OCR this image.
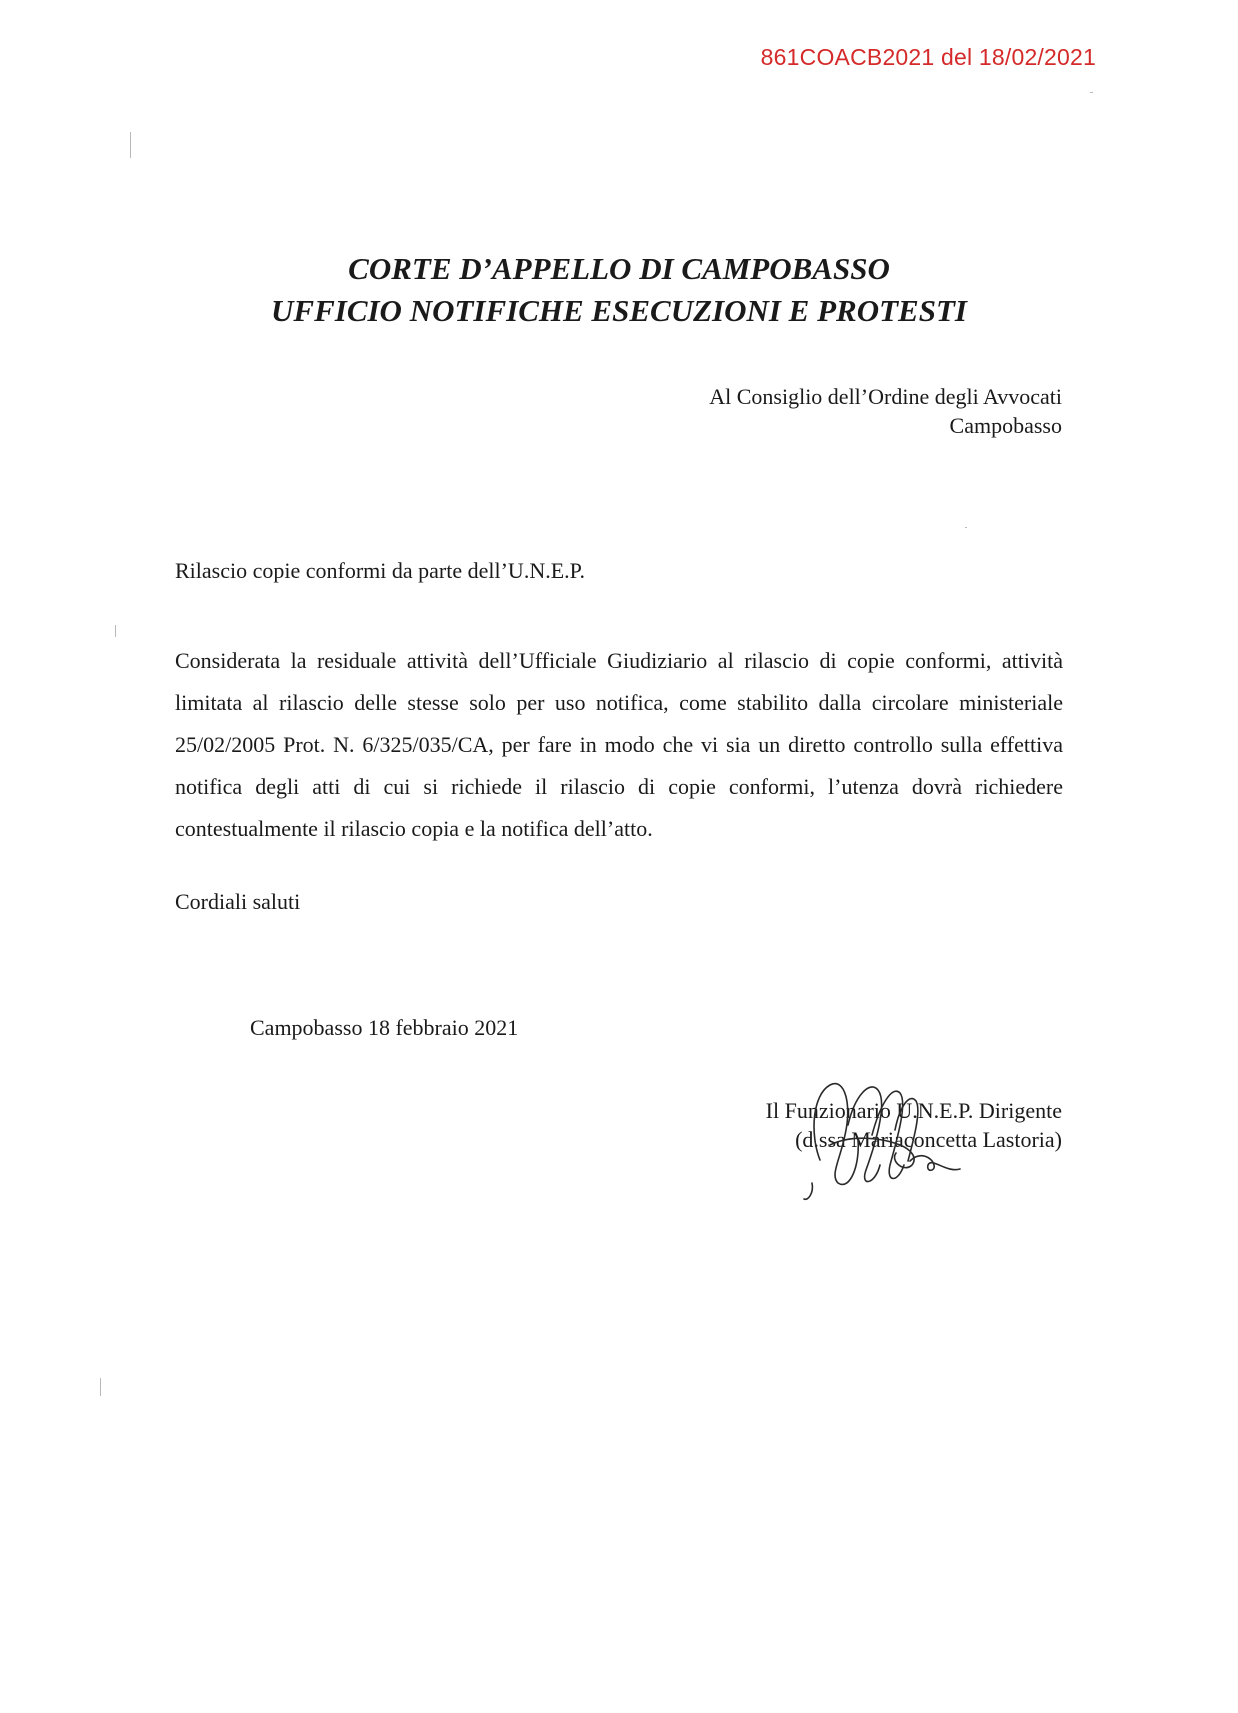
861COACB2021 del 18/02/2021
CORTE D’APPELLO DI CAMPOBASSO
UFFICIO NOTIFICHE ESECUZIONI E PROTESTI
Al Consiglio dell’Ordine degli Avvocati
Campobasso
Rilascio copie conformi da parte dell’U.N.E.P.

Considerata la residuale attività dell’Ufficiale Giudiziario al rilascio di copie conformi, attività limitata al rilascio delle stesse solo per uso notifica, come stabilito dalla circolare ministeriale 25/02/2005 Prot. N. 6/325/035/CA, per fare in modo che vi sia un diretto controllo sulla effettiva notifica degli atti di cui si richiede il rilascio di copie conformi, l’utenza dovrà richiedere contestualmente il rilascio copia e la notifica dell’atto.

Cordiali saluti
Campobasso 18 febbraio 2021
Il Funzionario U.N.E.P. Dirigente
(d.ssa Mariaconcetta Lastoria)
